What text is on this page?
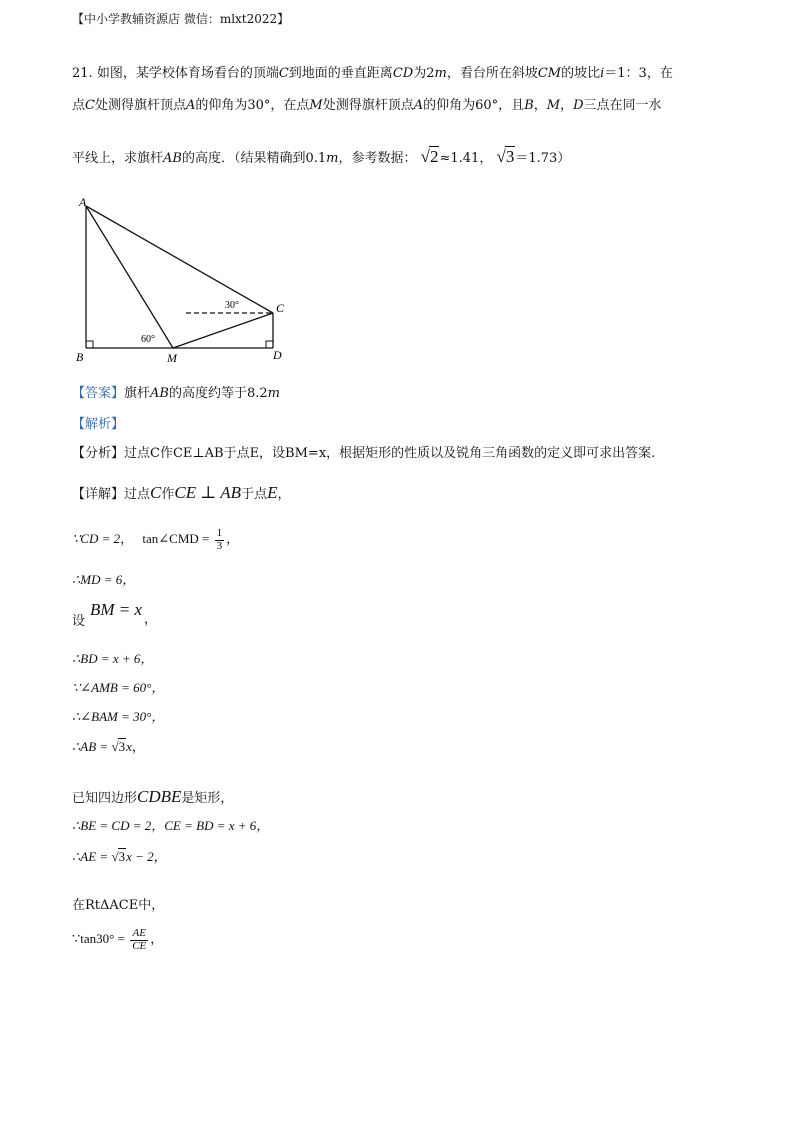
【中小学教辅资源店 微信：mlxt2022】
21. 如图，某学校体育场看台的顶端C到地面的垂直距离CD为2m，看台所在斜坡CM的坡比i＝1：3，在
点C处测得旗杆顶点A的仰角为30°，在点M处测得旗杆顶点A的仰角为60°，且B，M，D三点在同一水
平线上，求旗杆AB的高度．（结果精确到0.1m，参考数据： √2≈1.41， √3＝1.73）
A
B	M	D
C
30°
60°
【答案】旗杆AB的高度约等于8.2m
【解析】
【分析】过点C作CE⊥AB于点E，设BM=x，根据矩形的性质以及锐角三角函数的定义即可求出答案.
【详解】过点C作CE ⊥ AB于点E，
∵CD = 2， tan∠CMD = $\frac{1}{3}$ ，
∴MD = 6，
设
BM = x
，
∴BD = x + 6，
∵∠AMB = 60°，
∴∠BAM = 30°，
∴AB = √3x，
已知四边形CDBE是矩形，
∴BE = CD = 2，CE = BD = x + 6，
∴AE = √3x − 2，
在RtΔACE中，
∵tan30° = $\frac{AE}{CE}$ ，
